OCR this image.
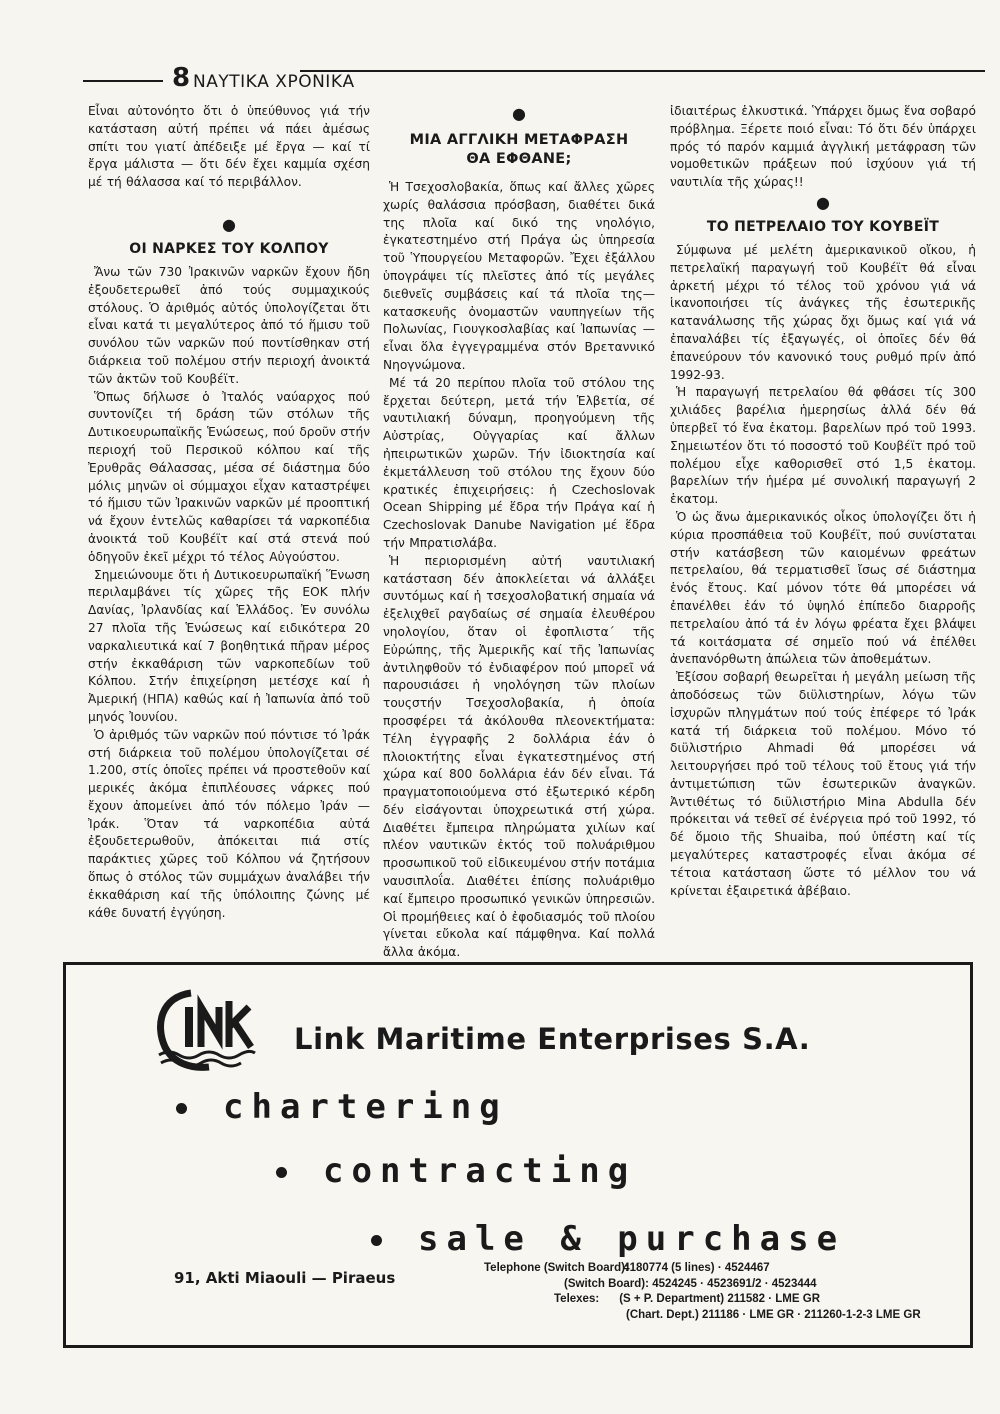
8 ΝΑΥΤΙΚΑ ΧΡΟΝΙΚΑ

Εἶναι αὐτονόητο ὅτι ὁ ὑπεύθυνος γιά τήν κατάσταση αὐτή πρέπει νά πάει ἀμέσως σπίτι του γιατί ἀπέδειξε μέ ἔργα — καί τί ἔργα μάλιστα — ὅτι δέν ἔχει καμμία σχέση μέ τή θάλασσα καί τό περιβάλλον.

●
ΟΙ ΝΑΡΚΕΣ ΤΟΥ ΚΟΛΠΟΥ

Ἄνω τῶν 730 Ἰρακινῶν ναρκῶν ἔχουν ἤδη ἐξουδετερωθεῖ ἀπό τούς συμμαχικούς στόλους. Ὁ ἀριθμός αὐτός ὑπολογίζεται ὅτι εἶναι κατά τι μεγαλύτερος ἀπό τό ἥμισυ τοῦ συνόλου τῶν ναρκῶν πού ποντίσθηκαν στή διάρκεια τοῦ πολέμου στήν περιοχή ἀνοικτά τῶν ἀκτῶν τοῦ Κουβέϊτ.

Ὅπως δήλωσε ὁ Ἰταλός ναύαρχος πού συντονίζει τή δράση τῶν στόλων τῆς Δυτικοευρωπαϊκῆς Ἑνώσεως, πού δροῦν στήν περιοχή τοῦ Περσικοῦ κόλπου καί τῆς Ἐρυθρᾶς Θάλασσας, μέσα σέ διάστημα δύο μόλις μηνῶν οἱ σύμμαχοι εἶχαν καταστρέψει τό ἥμισυ τῶν Ἰρακινῶν ναρκῶν μέ προοπτική νά ἔχουν ἐντελῶς καθαρίσει τά ναρκοπέδια ἀνοικτά τοῦ Κουβέϊτ καί στά στενά πού ὁδηγοῦν ἐκεῖ μέχρι τό τέλος Αὐγούστου.

Σημειώνουμε ὅτι ἡ Δυτικοευρωπαϊκή Ἕνωση περιλαμβάνει τίς χῶρες τῆς ΕΟΚ πλήν Δανίας, Ἰρλανδίας καί Ἑλλάδος. Ἐν συνόλω 27 πλοῖα τῆς Ἑνώσεως καί ειδικότερα 20 ναρκαλιευτικά καί 7 βοηθητικά πῆραν μέρος στήν ἐκκαθάριση τῶν ναρκοπεδίων τοῦ Κόλπου. Στήν ἐπιχείρηση μετέσχε καί ἡ Ἀμερική (ΗΠΑ) καθώς καί ἡ Ἰαπωνία ἀπό τοῦ μηνός Ἰουνίου.

Ὁ ἀριθμός τῶν ναρκῶν πού πόντισε τό Ἰράκ στή διάρκεια τοῦ πολέμου ὑπολογίζεται σέ 1.200, στίς ὁποῖες πρέπει νά προστεθοῦν καί μερικές ἀκόμα ἐπιπλέουσες νάρκες πού ἔχουν ἀπομείνει ἀπό τόν πόλεμο Ἰράν — Ἰράκ. Ὅταν τά ναρκοπέδια αὐτά ἐξουδετερωθοῦν, ἀπόκειται πιά στίς παράκτιες χῶρες τοῦ Κόλπου νά ζητήσουν ὅπως ὁ στόλος τῶν συμμάχων ἀναλάβει τήν ἐκκαθάριση καί τῆς ὑπόλοιπης ζώνης μέ κάθε δυνατή ἐγγύηση.

●
ΜΙΑ ΑΓΓΛΙΚΗ ΜΕΤΑΦΡΑΣΗ
ΘΑ ΕΦΘΑΝΕ;

Ἡ Τσεχοσλοβακία, ὅπως καί ἄλλες χῶρες χωρίς θαλάσσια πρόσβαση, διαθέτει δικά της πλοῖα καί δικό της νηολόγιο, ἐγκατεστημένο στή Πράγα ὡς ὑπηρεσία τοῦ Ὑπουργείου Μεταφορῶν. Ἔχει ἐξάλλου ὑπογράψει τίς πλεῖστες ἀπό τίς μεγάλες διεθνεῖς συμβάσεις καί τά πλοῖα της— κατασκευῆς ὀνομαστῶν ναυπηγείων τῆς Πολωνίας, Γιουγκοσλαβίας καί Ἰαπωνίας — εἶναι ὅλα ἐγγεγραμμένα στόν Βρεταννικό Νηογνώμονα.

Μέ τά 20 περίπου πλοῖα τοῦ στόλου της ἔρχεται δεύτερη, μετά τήν Ἑλβετία, σέ ναυτιλιακή δύναμη, προηγούμενη τῆς Αὐστρίας, Οὐγγαρίας καί ἄλλων ἠπειρωτικῶν χωρῶν. Τήν ἰδιοκτησία καί ἐκμετάλλευση τοῦ στόλου της ἔχουν δύο κρατικές ἐπιχειρήσεις: ἡ Czechoslovak Ocean Shipping μέ ἕδρα τήν Πράγα καί ἡ Czechoslovak Danube Navigation μέ ἕδρα τήν Μπρατισλάβα.

Ἡ περιορισμένη αὐτή ναυτιλιακή κατάσταση δέν ἀποκλείεται νά ἀλλάξει συντόμως καί ἡ τσεχοσλοβατική σημαία νά ἐξελιχθεῖ ραγδαίως σέ σημαία ἐλευθέρου νηολογίου, ὅταν οἱ ἐφοπλιστα΄ τῆς Εὐρώπης, τῆς Ἀμερικῆς καί τῆς Ἰαπωνίας ἀντιληφθοῦν τό ἐνδιαφέρον πού μπορεῖ νά παρουσιάσει ἡ νηολόγηση τῶν πλοίων τουςστήν Τσεχοσλοβακία, ἡ ὁποία προσφέρει τά ἀκόλουθα πλεονεκτήματα: Τέλη ἐγγραφῆς 2 δολλάρια ἐάν ὁ πλοιοκτήτης εἶναι ἐγκατεστημένος στή χώρα καί 800 δολλάρια ἐάν δέν εἶναι. Τά πραγματοποιούμενα στό ἐξωτερικό κέρδη δέν εἰσάγονται ὑποχρεωτικά στή χώρα. Διαθέτει ἔμπειρα πληρώματα χιλίων καί πλέον ναυτικῶν ἐκτός τοῦ πολυάριθμου προσωπικοῦ τοῦ εἰδικευμένου στήν ποτάμια ναυσιπλοΐα. Διαθέτει ἐπίσης πολυάριθμο καί ἔμπειρο προσωπικό γενικῶν ὑπηρεσιῶν. Οἱ προμήθειες καί ὁ ἐφοδιασμός τοῦ πλοίου γίνεται εὔκολα καί πάμφθηνα. Καί πολλά ἄλλα ἀκόμα.

ἰδιαιτέρως ἑλκυστικά. Ὑπάρχει ὅμως ἕνα σοβαρό πρόβλημα. Ξέρετε ποιό εἶναι: Τό ὅτι δέν ὑπάρχει πρός τό παρόν καμμιά ἀγγλική μετάφραση τῶν νομοθετικῶν πράξεων πού ἰσχύουν γιά τή ναυτιλία τῆς χώρας!!

●
ΤΟ ΠΕΤΡΕΛΑΙΟ ΤΟΥ ΚΟΥΒΕΪΤ

Σύμφωνα μέ μελέτη ἀμερικανικοῦ οἴκου, ἡ πετρελαϊκή παραγωγή τοῦ Κουβέϊτ θά εἶναι ἀρκετή μέχρι τό τέλος τοῦ χρόνου γιά νά ἱκανοποιήσει τίς ἀνάγκες τῆς ἐσωτερικῆς κατανάλωσης τῆς χώρας ὄχι ὅμως καί γιά νά ἐπαναλάβει τίς ἐξαγωγές, οἱ ὁποῖες δέν θά ἐπανεύρουν τόν κανονικό τους ρυθμό πρίν ἀπό 1992-93.

Ἡ παραγωγή πετρελαίου θά φθάσει τίς 300 χιλιάδες βαρέλια ἡμερησίως ἀλλά δέν θά ὑπερβεῖ τό ἕνα ἑκατομ. βαρελίων πρό τοῦ 1993. Σημειωτέον ὅτι τό ποσοστό τοῦ Κουβέϊτ πρό τοῦ πολέμου εἶχε καθορισθεῖ στό 1,5 ἑκατομ. βαρελίων τήν ἡμέρα μέ συνολική παραγωγή 2 ἑκατομ.

Ὁ ὡς ἄνω ἀμερικανικός οἶκος ὑπολογίζει ὅτι ἡ κύρια προσπάθεια τοῦ Κουβέϊτ, πού συνίσταται στήν κατάσβεση τῶν καιομένων φρεάτων πετρελαίου, θά τερματισθεῖ ἴσως σέ διάστημα ἑνός ἔτους. Καί μόνον τότε θά μπορέσει νά ἐπανέλθει ἐάν τό ὑψηλό ἐπίπεδο διαρροῆς πετρελαίου ἀπό τά ἐν λόγω φρέατα ἔχει βλάψει τά κοιτάσματα σέ σημεῖο πού νά ἐπέλθει ἀνεπανόρθωτη ἀπώλεια τῶν ἀποθεμάτων.

Ἐξίσου σοβαρή θεωρεῖται ἡ μεγάλη μείωση τῆς ἀποδόσεως τῶν διϋλιστηρίων, λόγω τῶν ἰσχυρῶν πληγμάτων πού τούς ἐπέφερε τό Ἰράκ κατά τή διάρκεια τοῦ πολέμου. Μόνο τό διϋλιστήριο Ahmadi θά μπορέσει νά λειτουργήσει πρό τοῦ τέλους τοῦ ἔτους γιά τήν ἀντιμετώπιση τῶν ἐσωτερικῶν ἀναγκῶν. Ἀντιθέτως τό διϋλιστήριο Mina Abdulla δέν πρόκειται νά τεθεῖ σέ ἐνέργεια πρό τοῦ 1992, τό δέ ὅμοιο τῆς Shuaiba, πού ὑπέστη καί τίς μεγαλύτερες καταστροφές εἶναι ἀκόμα σέ τέτοια κατάσταση ὥστε τό μέλλον του νά κρίνεται ἐξαιρετικά ἀβέβαιο.

LINK
Link Maritime Enterprises S.A.
chartering
contracting
sale & purchase
91, Akti Miaouli — Piraeus
Telephone (Switch Board): 4180774 (5 lines) · 4524467
(Switch Board): 4524245 · 4523691/2 · 4523444
Telexes: (S + P. Department) 211582 · LME GR
(Chart. Dept.) 211186 · LME GR · 211260-1-2-3 LME GR
